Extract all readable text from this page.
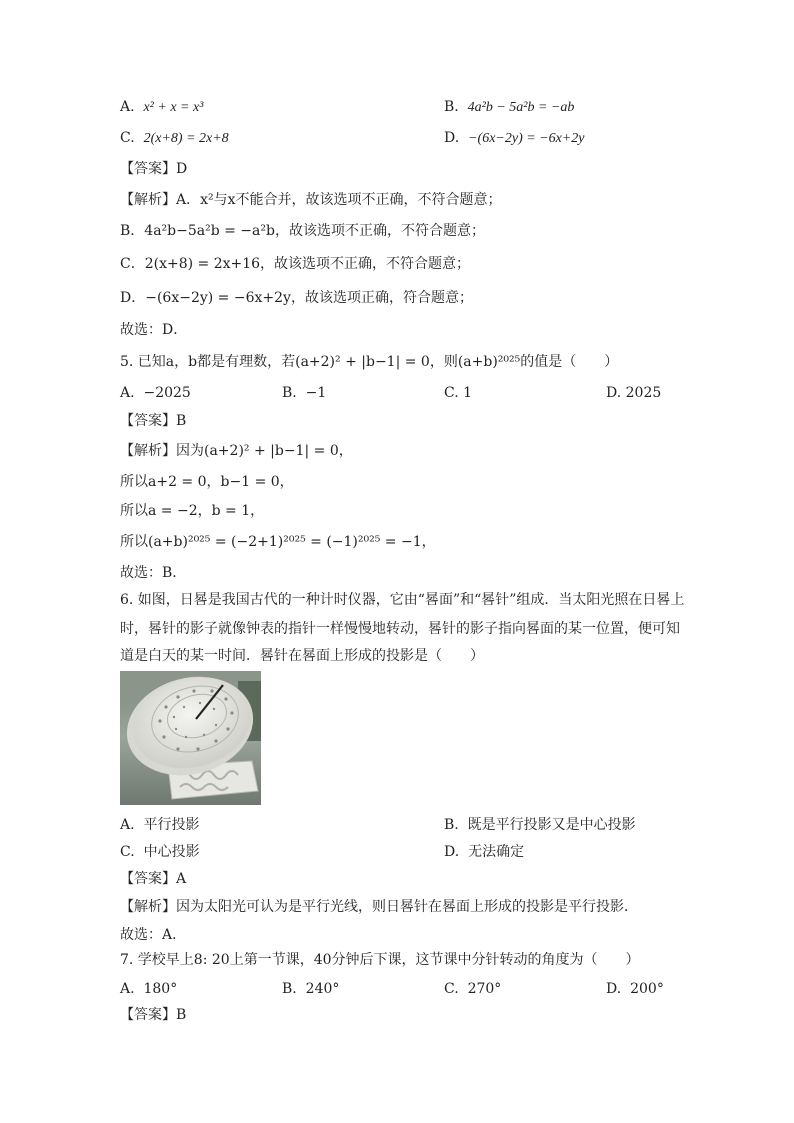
A. x² + x = x³	B. 4a²b − 5a²b = −ab
C. 2(x+8) = 2x+8	D. −(6x−2y) = −6x+2y
【答案】D
【解析】A．x²与x不能合并，故该选项不正确，不符合题意；
B．4a²b−5a²b = −a²b，故该选项不正确，不符合题意；
C．2(x+8) = 2x+16，故该选项不正确，不符合题意；
D．−(6x−2y) = −6x+2y，故该选项正确，符合题意；
故选：D．
5. 已知a，b都是有理数，若(a+2)² + |b−1| = 0，则(a+b)²⁰²⁵的值是（　　）
A. −2025	B. −1	C. 1	D. 2025
【答案】B
【解析】因为(a+2)² + |b−1| = 0，
所以a+2 = 0，b−1 = 0，
所以a = −2，b = 1，
所以(a+b)²⁰²⁵ = (−2+1)²⁰²⁵ = (−1)²⁰²⁵ = −1，
故选：B．
6. 如图，日晷是我国古代的一种计时仪器，它由“晷面”和“晷针”组成．当太阳光照在日晷上
时，晷针的影子就像钟表的指针一样慢慢地转动，晷针的影子指向晷面的某一位置，便可知
道是白天的某一时间．晷针在晷面上形成的投影是（　　）
A. 平行投影	B. 既是平行投影又是中心投影
C. 中心投影	D. 无法确定
【答案】A
【解析】因为太阳光可认为是平行光线，则日晷针在晷面上形成的投影是平行投影．
故选：A．
7. 学校早上8: 20上第一节课，40分钟后下课，这节课中分针转动的角度为（　　）
A. 180°	B. 240°	C. 270°	D. 200°
【答案】B
